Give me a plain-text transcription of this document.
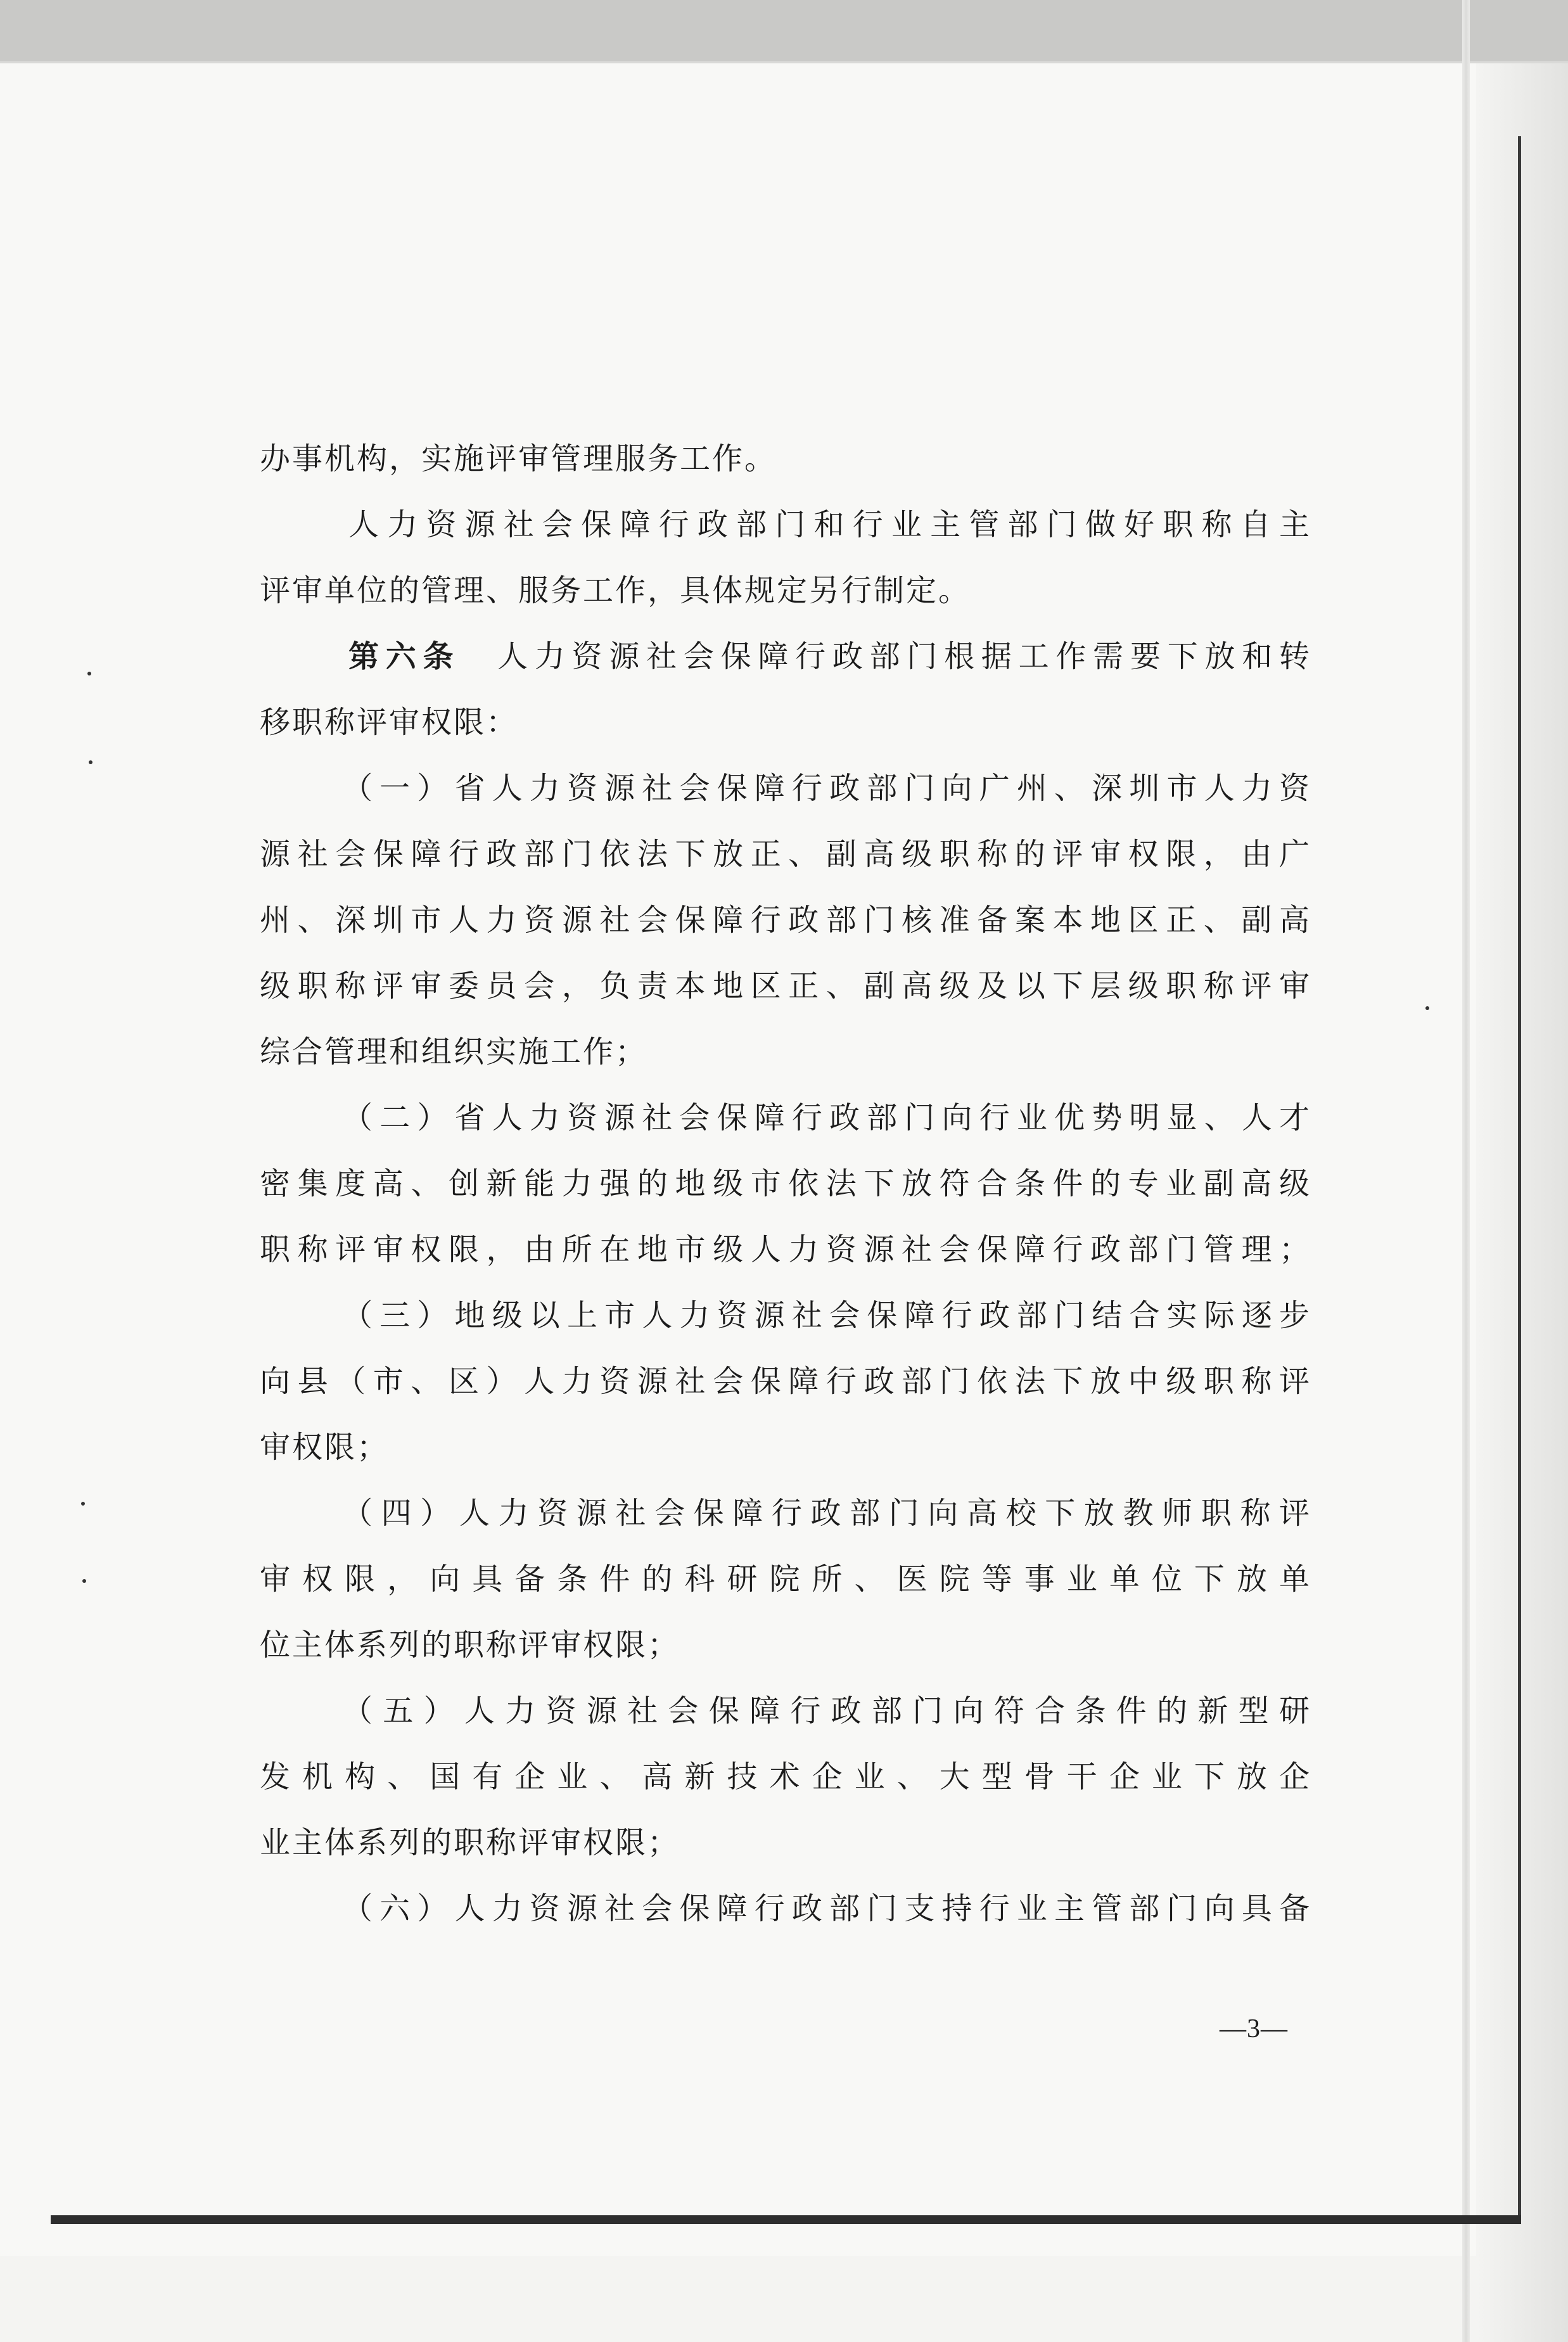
办事机构，实施评审管理服务工作。
人力资源社会保障行政部门和行业主管部门做好职称自主
评审单位的管理、服务工作，具体规定另行制定。
第六条  人力资源社会保障行政部门根据工作需要下放和转
移职称评审权限：
（一）省人力资源社会保障行政部门向广州、深圳市人力资
源社会保障行政部门依法下放正、副高级职称的评审权限，由广
州、深圳市人力资源社会保障行政部门核准备案本地区正、副高
级职称评审委员会，负责本地区正、副高级及以下层级职称评审
综合管理和组织实施工作；
（二）省人力资源社会保障行政部门向行业优势明显、人才
密集度高、创新能力强的地级市依法下放符合条件的专业副高级
职称评审权限，由所在地市级人力资源社会保障行政部门管理；
（三）地级以上市人力资源社会保障行政部门结合实际逐步
向县（市、区）人力资源社会保障行政部门依法下放中级职称评
审权限；
（四）人力资源社会保障行政部门向高校下放教师职称评
审权限，向具备条件的科研院所、医院等事业单位下放单
位主体系列的职称评审权限；
（五）人力资源社会保障行政部门向符合条件的新型研
发机构、国有企业、高新技术企业、大型骨干企业下放企
业主体系列的职称评审权限；
（六）人力资源社会保障行政部门支持行业主管部门向具备
—3—
